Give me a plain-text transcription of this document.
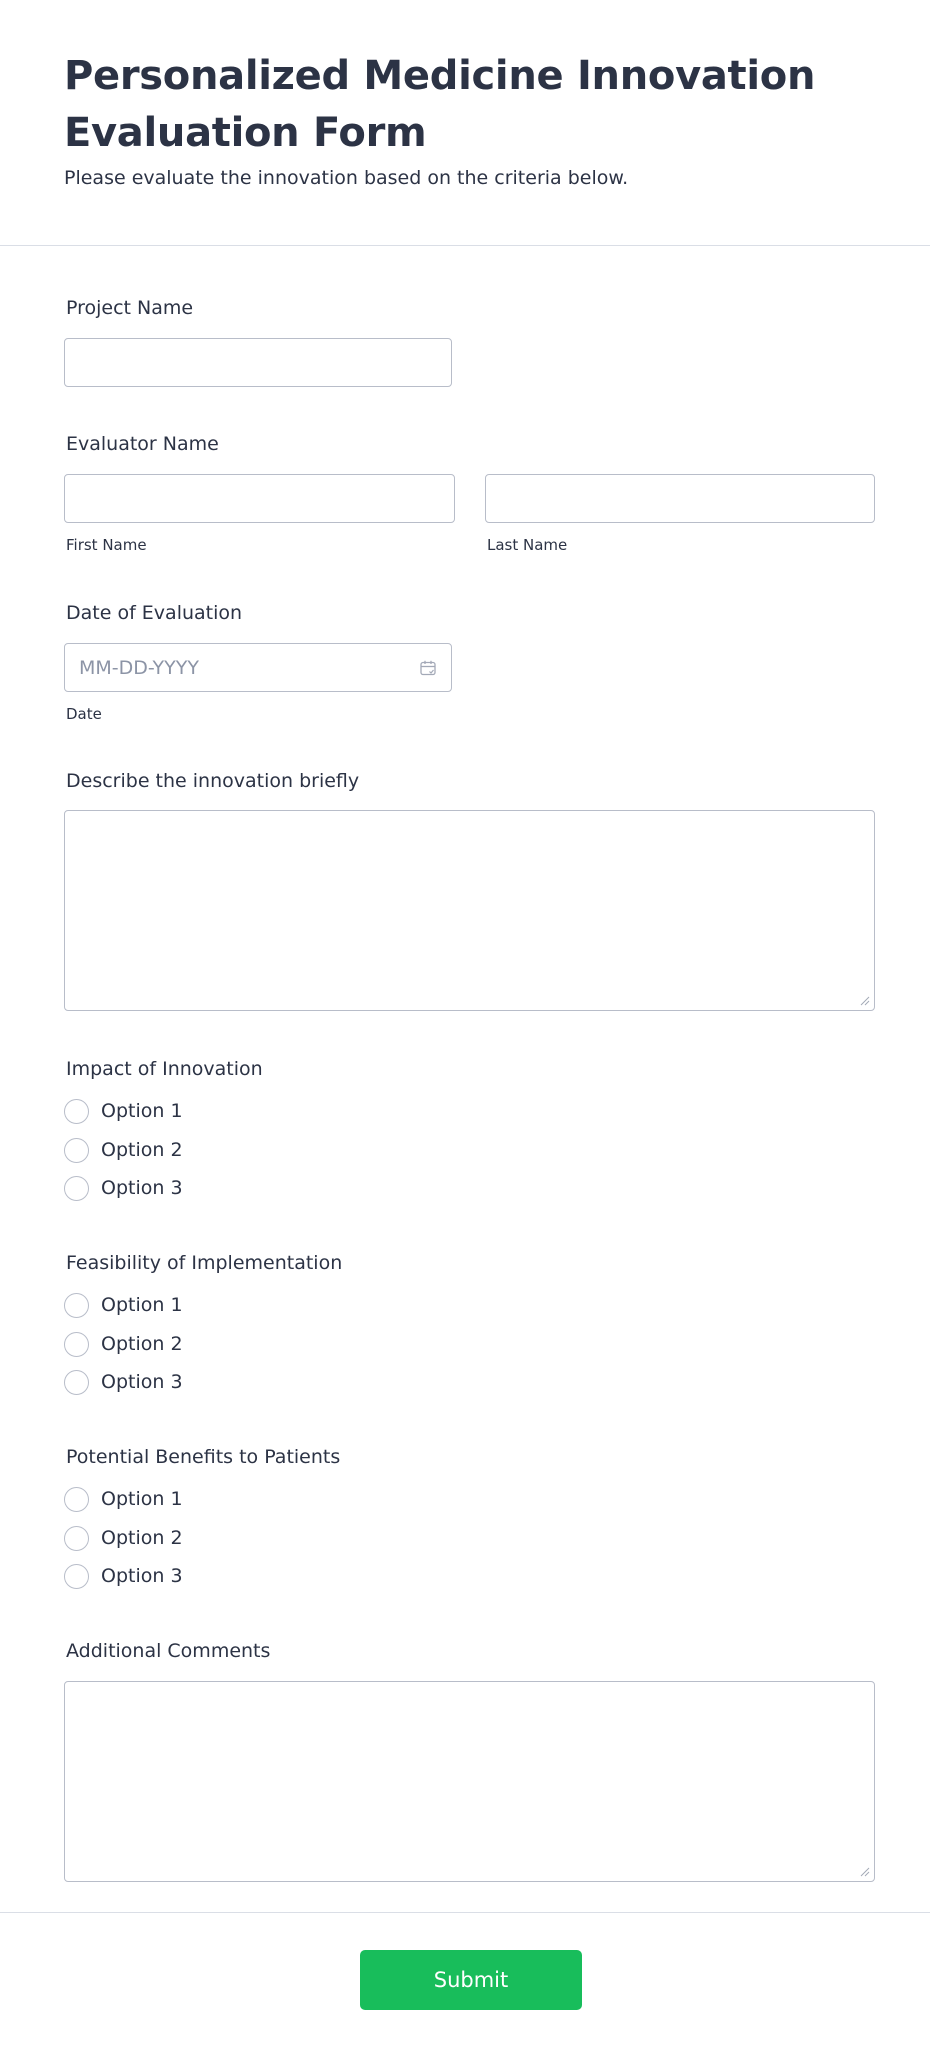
Personalized Medicine Innovation Evaluation Form
Please evaluate the innovation based on the criteria below.
Project Name
Evaluator Name
First Name	Last Name
Date of Evaluation
MM-DD-YYYY
Date
Describe the innovation briefly
Impact of Innovation
Option 1
Option 2
Option 3
Feasibility of Implementation
Option 1
Option 2
Option 3
Potential Benefits to Patients
Option 1
Option 2
Option 3
Additional Comments
Submit
